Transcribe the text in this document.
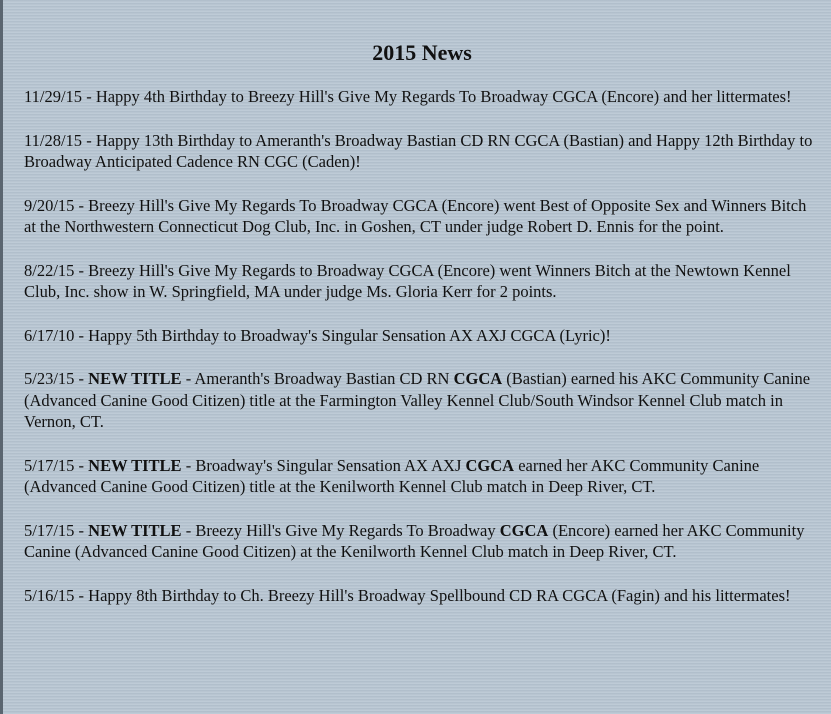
2015 News
11/29/15 - Happy 4th Birthday to Breezy Hill's Give My Regards To Broadway CGCA (Encore) and her littermates!
11/28/15 - Happy 13th Birthday to Ameranth's Broadway Bastian CD RN CGCA (Bastian) and Happy 12th Birthday to Broadway Anticipated Cadence RN CGC (Caden)!
9/20/15 - Breezy Hill's Give My Regards To Broadway CGCA (Encore) went Best of Opposite Sex and Winners Bitch at the Northwestern Connecticut Dog Club, Inc. in Goshen, CT under judge Robert D. Ennis for the point.
8/22/15 - Breezy Hill's Give My Regards to Broadway CGCA (Encore) went Winners Bitch at the Newtown Kennel Club, Inc. show in W. Springfield, MA under judge Ms. Gloria Kerr for 2 points.
6/17/10 - Happy 5th Birthday to Broadway's Singular Sensation AX AXJ CGCA (Lyric)!
5/23/15 - NEW TITLE - Ameranth's Broadway Bastian CD RN CGCA (Bastian) earned his AKC Community Canine (Advanced Canine Good Citizen) title at the Farmington Valley Kennel Club/South Windsor Kennel Club match in Vernon, CT.
5/17/15 - NEW TITLE - Broadway's Singular Sensation AX AXJ CGCA earned her AKC Community Canine (Advanced Canine Good Citizen) title at the Kenilworth Kennel Club match in Deep River, CT.
5/17/15 - NEW TITLE - Breezy Hill's Give My Regards To Broadway CGCA (Encore) earned her AKC Community Canine (Advanced Canine Good Citizen) at the Kenilworth Kennel Club match in Deep River, CT.
5/16/15 - Happy 8th Birthday to Ch. Breezy Hill's Broadway Spellbound CD RA CGCA (Fagin) and his littermates!
